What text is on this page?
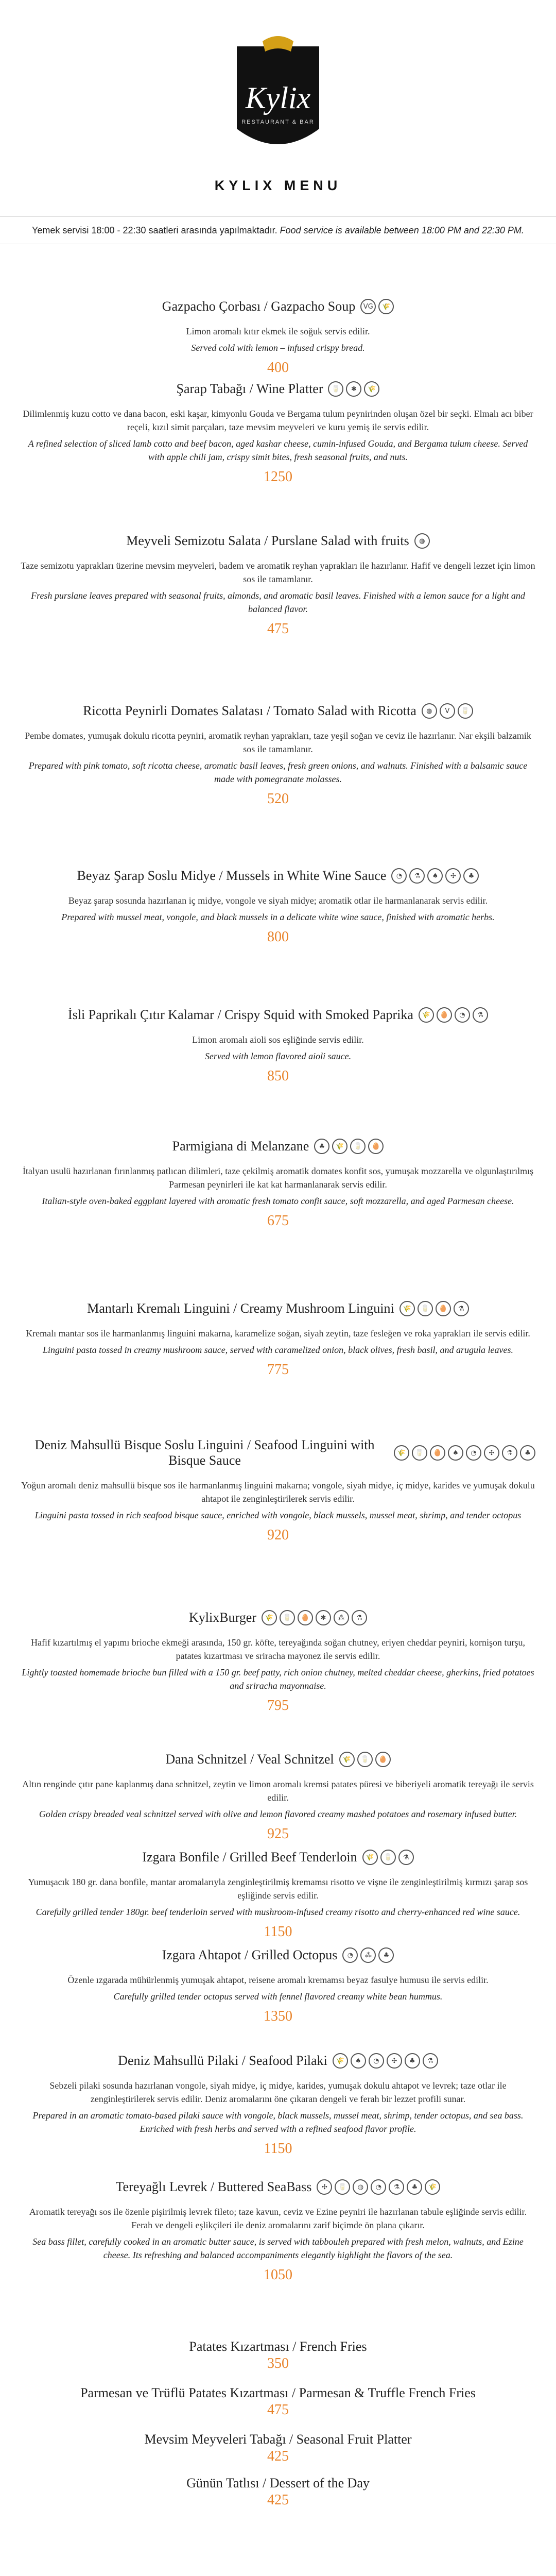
Kylix
RESTAURANT & BAR
KYLIX MENU
Yemek servisi 18:00 - 22:30 saatleri arasında yapılmaktadır. Food service is available between 18:00 PM and 22:30 PM.
Gazpacho Çorbası / Gazpacho Soup	VG	🌾
Limon aromalı kıtır ekmek ile soğuk servis edilir.
Served cold with lemon – infused crispy bread.
400
Şarap Tabağı / Wine Platter	🥛	✱	🌾
Dilimlenmiş kuzu cotto ve dana bacon, eski kaşar, kimyonlu Gouda ve Bergama tulum peynirinden oluşan özel bir seçki. Elmalı acı biber reçeli, kızıl simit parçaları, taze mevsim meyveleri ve kuru yemiş ile servis edilir.
A refined selection of sliced lamb cotto and beef bacon, aged kashar cheese, cumin-infused Gouda, and Bergama tulum cheese. Served with apple chili jam, crispy simit bites, fresh seasonal fruits, and nuts.
1250
Meyveli Semizotu Salata / Purslane Salad with fruits	◍
Taze semizotu yaprakları üzerine mevsim meyveleri, badem ve aromatik reyhan yaprakları ile hazırlanır. Hafif ve dengeli lezzet için limon sos ile tamamlanır.
Fresh purslane leaves prepared with seasonal fruits, almonds, and aromatic basil leaves. Finished with a lemon sauce for a light and balanced flavor.
475
Ricotta Peynirli Domates Salatası / Tomato Salad with Ricotta	◍	V	🥛
Pembe domates, yumuşak dokulu ricotta peyniri, aromatik reyhan yaprakları, taze yeşil soğan ve ceviz ile hazırlanır. Nar ekşili balzamik sos ile tamamlanır.
Prepared with pink tomato, soft ricotta cheese, aromatic basil leaves, fresh green onions, and walnuts. Finished with a balsamic sauce made with pomegranate molasses.
520
Beyaz Şarap Soslu Midye / Mussels in White Wine Sauce	◔	⚗	♠	✣	♣
Beyaz şarap sosunda hazırlanan iç midye, vongole ve siyah midye; aromatik otlar ile harmanlanarak servis edilir.
Prepared with mussel meat, vongole, and black mussels in a delicate white wine sauce, finished with aromatic herbs.
800
İsli Paprikalı Çıtır Kalamar / Crispy Squid with Smoked Paprika	🌾	🥚	◔	⚗
Limon aromalı aioli sos eşliğinde servis edilir.
Served with lemon flavored aioli sauce.
850
Parmigiana di Melanzane	♣	🌾	🥛	🥚
İtalyan usulü hazırlanan fırınlanmış patlıcan dilimleri, taze çekilmiş aromatik domates konfit sos, yumuşak mozzarella ve olgunlaştırılmış Parmesan peynirleri ile kat kat harmanlanarak servis edilir.
Italian-style oven-baked eggplant layered with aromatic fresh tomato confit sauce, soft mozzarella, and aged Parmesan cheese.
675
Mantarlı Kremalı Linguini / Creamy Mushroom Linguini	🌾	🥛	🥚	⚗
Kremalı mantar sos ile harmanlanmış linguini makarna, karamelize soğan, siyah zeytin, taze fesleğen ve roka yaprakları ile servis edilir.
Linguini pasta tossed in creamy mushroom sauce, served with caramelized onion, black olives, fresh basil, and arugula leaves.
775
Deniz Mahsullü Bisque Soslu Linguini / Seafood Linguini with Bisque Sauce	🌾	🥛	🥚	♠	◔	✣	⚗	♣
Yoğun aromalı deniz mahsullü bisque sos ile harmanlanmış linguini makarna; vongole, siyah midye, iç midye, karides ve yumuşak dokulu ahtapot ile zenginleştirilerek servis edilir.
Linguini pasta tossed in rich seafood bisque sauce, enriched with vongole, black mussels, mussel meat, shrimp, and tender octopus
920
KylixBurger	🌾	🥛	🥚	✱	⁂	⚗
Hafif kızartılmış el yapımı brioche ekmeği arasında, 150 gr. köfte, tereyağında soğan chutney, eriyen cheddar peyniri, kornişon turşu, patates kızartması ve sriracha mayonez ile servis edilir.
Lightly toasted homemade brioche bun filled with a 150 gr. beef patty, rich onion chutney, melted cheddar cheese, gherkins, fried potatoes and sriracha mayonnaise.
795
Dana Schnitzel / Veal Schnitzel	🌾	🥛	🥚
Altın renginde çıtır pane kaplanmış dana schnitzel, zeytin ve limon aromalı kremsi patates püresi ve biberiyeli aromatik tereyağı ile servis edilir.
Golden crispy breaded veal schnitzel served with olive and lemon flavored creamy mashed potatoes and rosemary infused butter.
925
Izgara Bonfile / Grilled Beef Tenderloin	🌾	🥛	⚗
Yumuşacık 180 gr. dana bonfile, mantar aromalarıyla zenginleştirilmiş kremamsı risotto ve vişne ile zenginleştirilmiş kırmızı şarap sos eşliğinde servis edilir.
Carefully grilled tender 180gr. beef tenderloin served with mushroom-infused creamy risotto and cherry-enhanced red wine sauce.
1150
Izgara Ahtapot / Grilled Octopus	◔	⁂	♣
Özenle ızgarada mühürlenmiş yumuşak ahtapot, reisene aromalı kremamsı beyaz fasulye humusu ile servis edilir.
Carefully grilled tender octopus served with fennel flavored creamy white bean hummus.
1350
Deniz Mahsullü Pilaki / Seafood Pilaki	🌾	♠	◔	✣	♣	⚗
Sebzeli pilaki sosunda hazırlanan vongole, siyah midye, iç midye, karides, yumuşak dokulu ahtapot ve levrek; taze otlar ile zenginleştirilerek servis edilir. Deniz aromalarını öne çıkaran dengeli ve ferah bir lezzet profili sunar.
Prepared in an aromatic tomato-based pilaki sauce with vongole, black mussels, mussel meat, shrimp, tender octopus, and sea bass. Enriched with fresh herbs and served with a refined seafood flavor profile.
1150
Tereyağlı Levrek / Buttered SeaBass	✣	🥛	◍	◔	⚗	♣	🌾
Aromatik tereyağı sos ile özenle pişirilmiş levrek fileto; taze kavun, ceviz ve Ezine peyniri ile hazırlanan tabule eşliğinde servis edilir. Ferah ve dengeli eşlikçileri ile deniz aromalarını zarif biçimde ön plana çıkarır.
Sea bass fillet, carefully cooked in an aromatic butter sauce, is served with tabbouleh prepared with fresh melon, walnuts, and Ezine cheese. Its refreshing and balanced accompaniments elegantly highlight the flavors of the sea.
1050
Patates Kızartması / French Fries
350
Parmesan ve Trüflü Patates Kızartması / Parmesan & Truffle French Fries
475
Mevsim Meyveleri Tabağı / Seasonal Fruit Platter
425
Günün Tatlısı / Dessert of the Day
425
